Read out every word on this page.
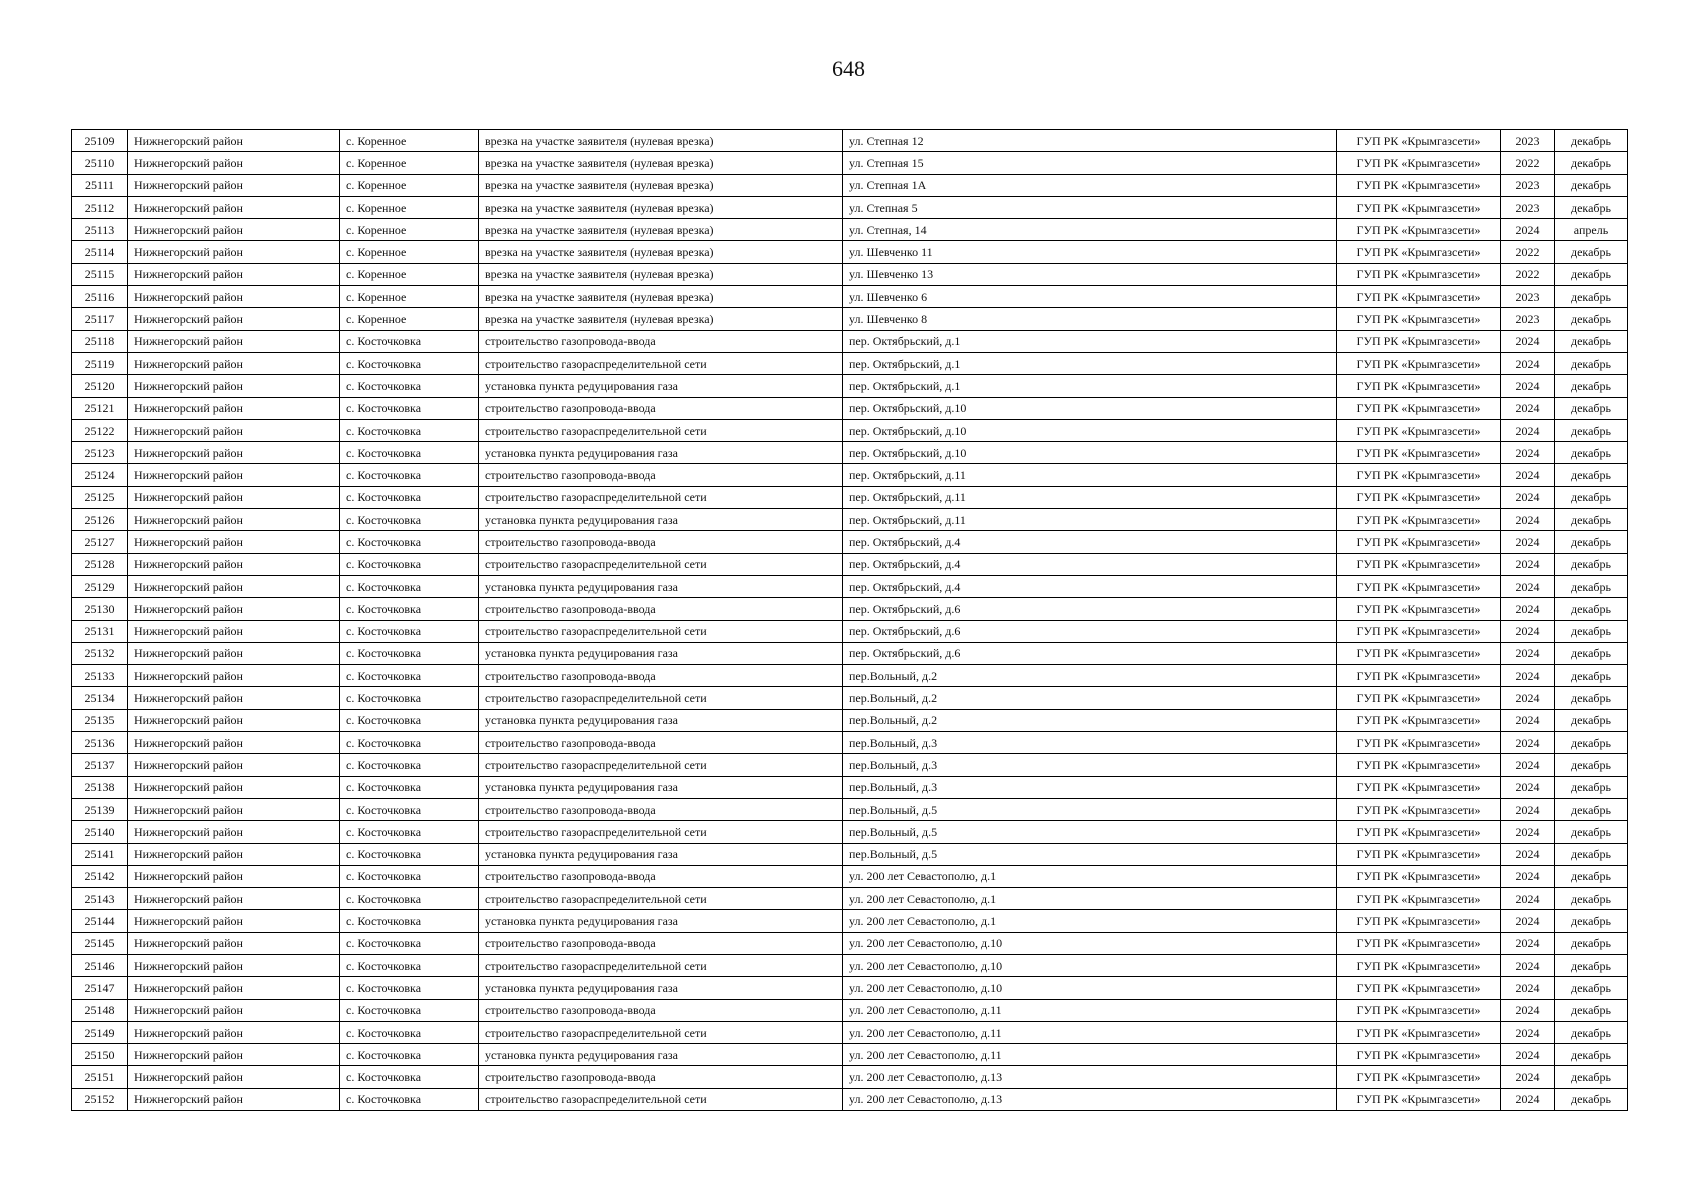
648
25109	Нижнегорский район	с. Коренное	врезка на участке заявителя (нулевая врезка)	ул. Степная 12	ГУП РК «Крымгазсети»	2023	декабрь
25110	Нижнегорский район	с. Коренное	врезка на участке заявителя (нулевая врезка)	ул. Степная 15	ГУП РК «Крымгазсети»	2022	декабрь
25111	Нижнегорский район	с. Коренное	врезка на участке заявителя (нулевая врезка)	ул. Степная 1А	ГУП РК «Крымгазсети»	2023	декабрь
25112	Нижнегорский район	с. Коренное	врезка на участке заявителя (нулевая врезка)	ул. Степная 5	ГУП РК «Крымгазсети»	2023	декабрь
25113	Нижнегорский район	с. Коренное	врезка на участке заявителя (нулевая врезка)	ул. Степная, 14	ГУП РК «Крымгазсети»	2024	апрель
25114	Нижнегорский район	с. Коренное	врезка на участке заявителя (нулевая врезка)	ул. Шевченко 11	ГУП РК «Крымгазсети»	2022	декабрь
25115	Нижнегорский район	с. Коренное	врезка на участке заявителя (нулевая врезка)	ул. Шевченко 13	ГУП РК «Крымгазсети»	2022	декабрь
25116	Нижнегорский район	с. Коренное	врезка на участке заявителя (нулевая врезка)	ул. Шевченко 6	ГУП РК «Крымгазсети»	2023	декабрь
25117	Нижнегорский район	с. Коренное	врезка на участке заявителя (нулевая врезка)	ул. Шевченко 8	ГУП РК «Крымгазсети»	2023	декабрь
25118	Нижнегорский район	с. Косточковка	строительство газопровода-ввода	пер. Октябрьский, д.1	ГУП РК «Крымгазсети»	2024	декабрь
25119	Нижнегорский район	с. Косточковка	строительство газораспределительной сети	пер. Октябрьский, д.1	ГУП РК «Крымгазсети»	2024	декабрь
25120	Нижнегорский район	с. Косточковка	установка пункта редуцирования газа	пер. Октябрьский, д.1	ГУП РК «Крымгазсети»	2024	декабрь
25121	Нижнегорский район	с. Косточковка	строительство газопровода-ввода	пер. Октябрьский, д.10	ГУП РК «Крымгазсети»	2024	декабрь
25122	Нижнегорский район	с. Косточковка	строительство газораспределительной сети	пер. Октябрьский, д.10	ГУП РК «Крымгазсети»	2024	декабрь
25123	Нижнегорский район	с. Косточковка	установка пункта редуцирования газа	пер. Октябрьский, д.10	ГУП РК «Крымгазсети»	2024	декабрь
25124	Нижнегорский район	с. Косточковка	строительство газопровода-ввода	пер. Октябрьский, д.11	ГУП РК «Крымгазсети»	2024	декабрь
25125	Нижнегорский район	с. Косточковка	строительство газораспределительной сети	пер. Октябрьский, д.11	ГУП РК «Крымгазсети»	2024	декабрь
25126	Нижнегорский район	с. Косточковка	установка пункта редуцирования газа	пер. Октябрьский, д.11	ГУП РК «Крымгазсети»	2024	декабрь
25127	Нижнегорский район	с. Косточковка	строительство газопровода-ввода	пер. Октябрьский, д.4	ГУП РК «Крымгазсети»	2024	декабрь
25128	Нижнегорский район	с. Косточковка	строительство газораспределительной сети	пер. Октябрьский, д.4	ГУП РК «Крымгазсети»	2024	декабрь
25129	Нижнегорский район	с. Косточковка	установка пункта редуцирования газа	пер. Октябрьский, д.4	ГУП РК «Крымгазсети»	2024	декабрь
25130	Нижнегорский район	с. Косточковка	строительство газопровода-ввода	пер. Октябрьский, д.6	ГУП РК «Крымгазсети»	2024	декабрь
25131	Нижнегорский район	с. Косточковка	строительство газораспределительной сети	пер. Октябрьский, д.6	ГУП РК «Крымгазсети»	2024	декабрь
25132	Нижнегорский район	с. Косточковка	установка пункта редуцирования газа	пер. Октябрьский, д.6	ГУП РК «Крымгазсети»	2024	декабрь
25133	Нижнегорский район	с. Косточковка	строительство газопровода-ввода	пер.Вольный, д.2	ГУП РК «Крымгазсети»	2024	декабрь
25134	Нижнегорский район	с. Косточковка	строительство газораспределительной сети	пер.Вольный, д.2	ГУП РК «Крымгазсети»	2024	декабрь
25135	Нижнегорский район	с. Косточковка	установка пункта редуцирования газа	пер.Вольный, д.2	ГУП РК «Крымгазсети»	2024	декабрь
25136	Нижнегорский район	с. Косточковка	строительство газопровода-ввода	пер.Вольный, д.3	ГУП РК «Крымгазсети»	2024	декабрь
25137	Нижнегорский район	с. Косточковка	строительство газораспределительной сети	пер.Вольный, д.3	ГУП РК «Крымгазсети»	2024	декабрь
25138	Нижнегорский район	с. Косточковка	установка пункта редуцирования газа	пер.Вольный, д.3	ГУП РК «Крымгазсети»	2024	декабрь
25139	Нижнегорский район	с. Косточковка	строительство газопровода-ввода	пер.Вольный, д.5	ГУП РК «Крымгазсети»	2024	декабрь
25140	Нижнегорский район	с. Косточковка	строительство газораспределительной сети	пер.Вольный, д.5	ГУП РК «Крымгазсети»	2024	декабрь
25141	Нижнегорский район	с. Косточковка	установка пункта редуцирования газа	пер.Вольный, д.5	ГУП РК «Крымгазсети»	2024	декабрь
25142	Нижнегорский район	с. Косточковка	строительство газопровода-ввода	ул. 200 лет Севастополю, д.1	ГУП РК «Крымгазсети»	2024	декабрь
25143	Нижнегорский район	с. Косточковка	строительство газораспределительной сети	ул. 200 лет Севастополю, д.1	ГУП РК «Крымгазсети»	2024	декабрь
25144	Нижнегорский район	с. Косточковка	установка пункта редуцирования газа	ул. 200 лет Севастополю, д.1	ГУП РК «Крымгазсети»	2024	декабрь
25145	Нижнегорский район	с. Косточковка	строительство газопровода-ввода	ул. 200 лет Севастополю, д.10	ГУП РК «Крымгазсети»	2024	декабрь
25146	Нижнегорский район	с. Косточковка	строительство газораспределительной сети	ул. 200 лет Севастополю, д.10	ГУП РК «Крымгазсети»	2024	декабрь
25147	Нижнегорский район	с. Косточковка	установка пункта редуцирования газа	ул. 200 лет Севастополю, д.10	ГУП РК «Крымгазсети»	2024	декабрь
25148	Нижнегорский район	с. Косточковка	строительство газопровода-ввода	ул. 200 лет Севастополю, д.11	ГУП РК «Крымгазсети»	2024	декабрь
25149	Нижнегорский район	с. Косточковка	строительство газораспределительной сети	ул. 200 лет Севастополю, д.11	ГУП РК «Крымгазсети»	2024	декабрь
25150	Нижнегорский район	с. Косточковка	установка пункта редуцирования газа	ул. 200 лет Севастополю, д.11	ГУП РК «Крымгазсети»	2024	декабрь
25151	Нижнегорский район	с. Косточковка	строительство газопровода-ввода	ул. 200 лет Севастополю, д.13	ГУП РК «Крымгазсети»	2024	декабрь
25152	Нижнегорский район	с. Косточковка	строительство газораспределительной сети	ул. 200 лет Севастополю, д.13	ГУП РК «Крымгазсети»	2024	декабрь
